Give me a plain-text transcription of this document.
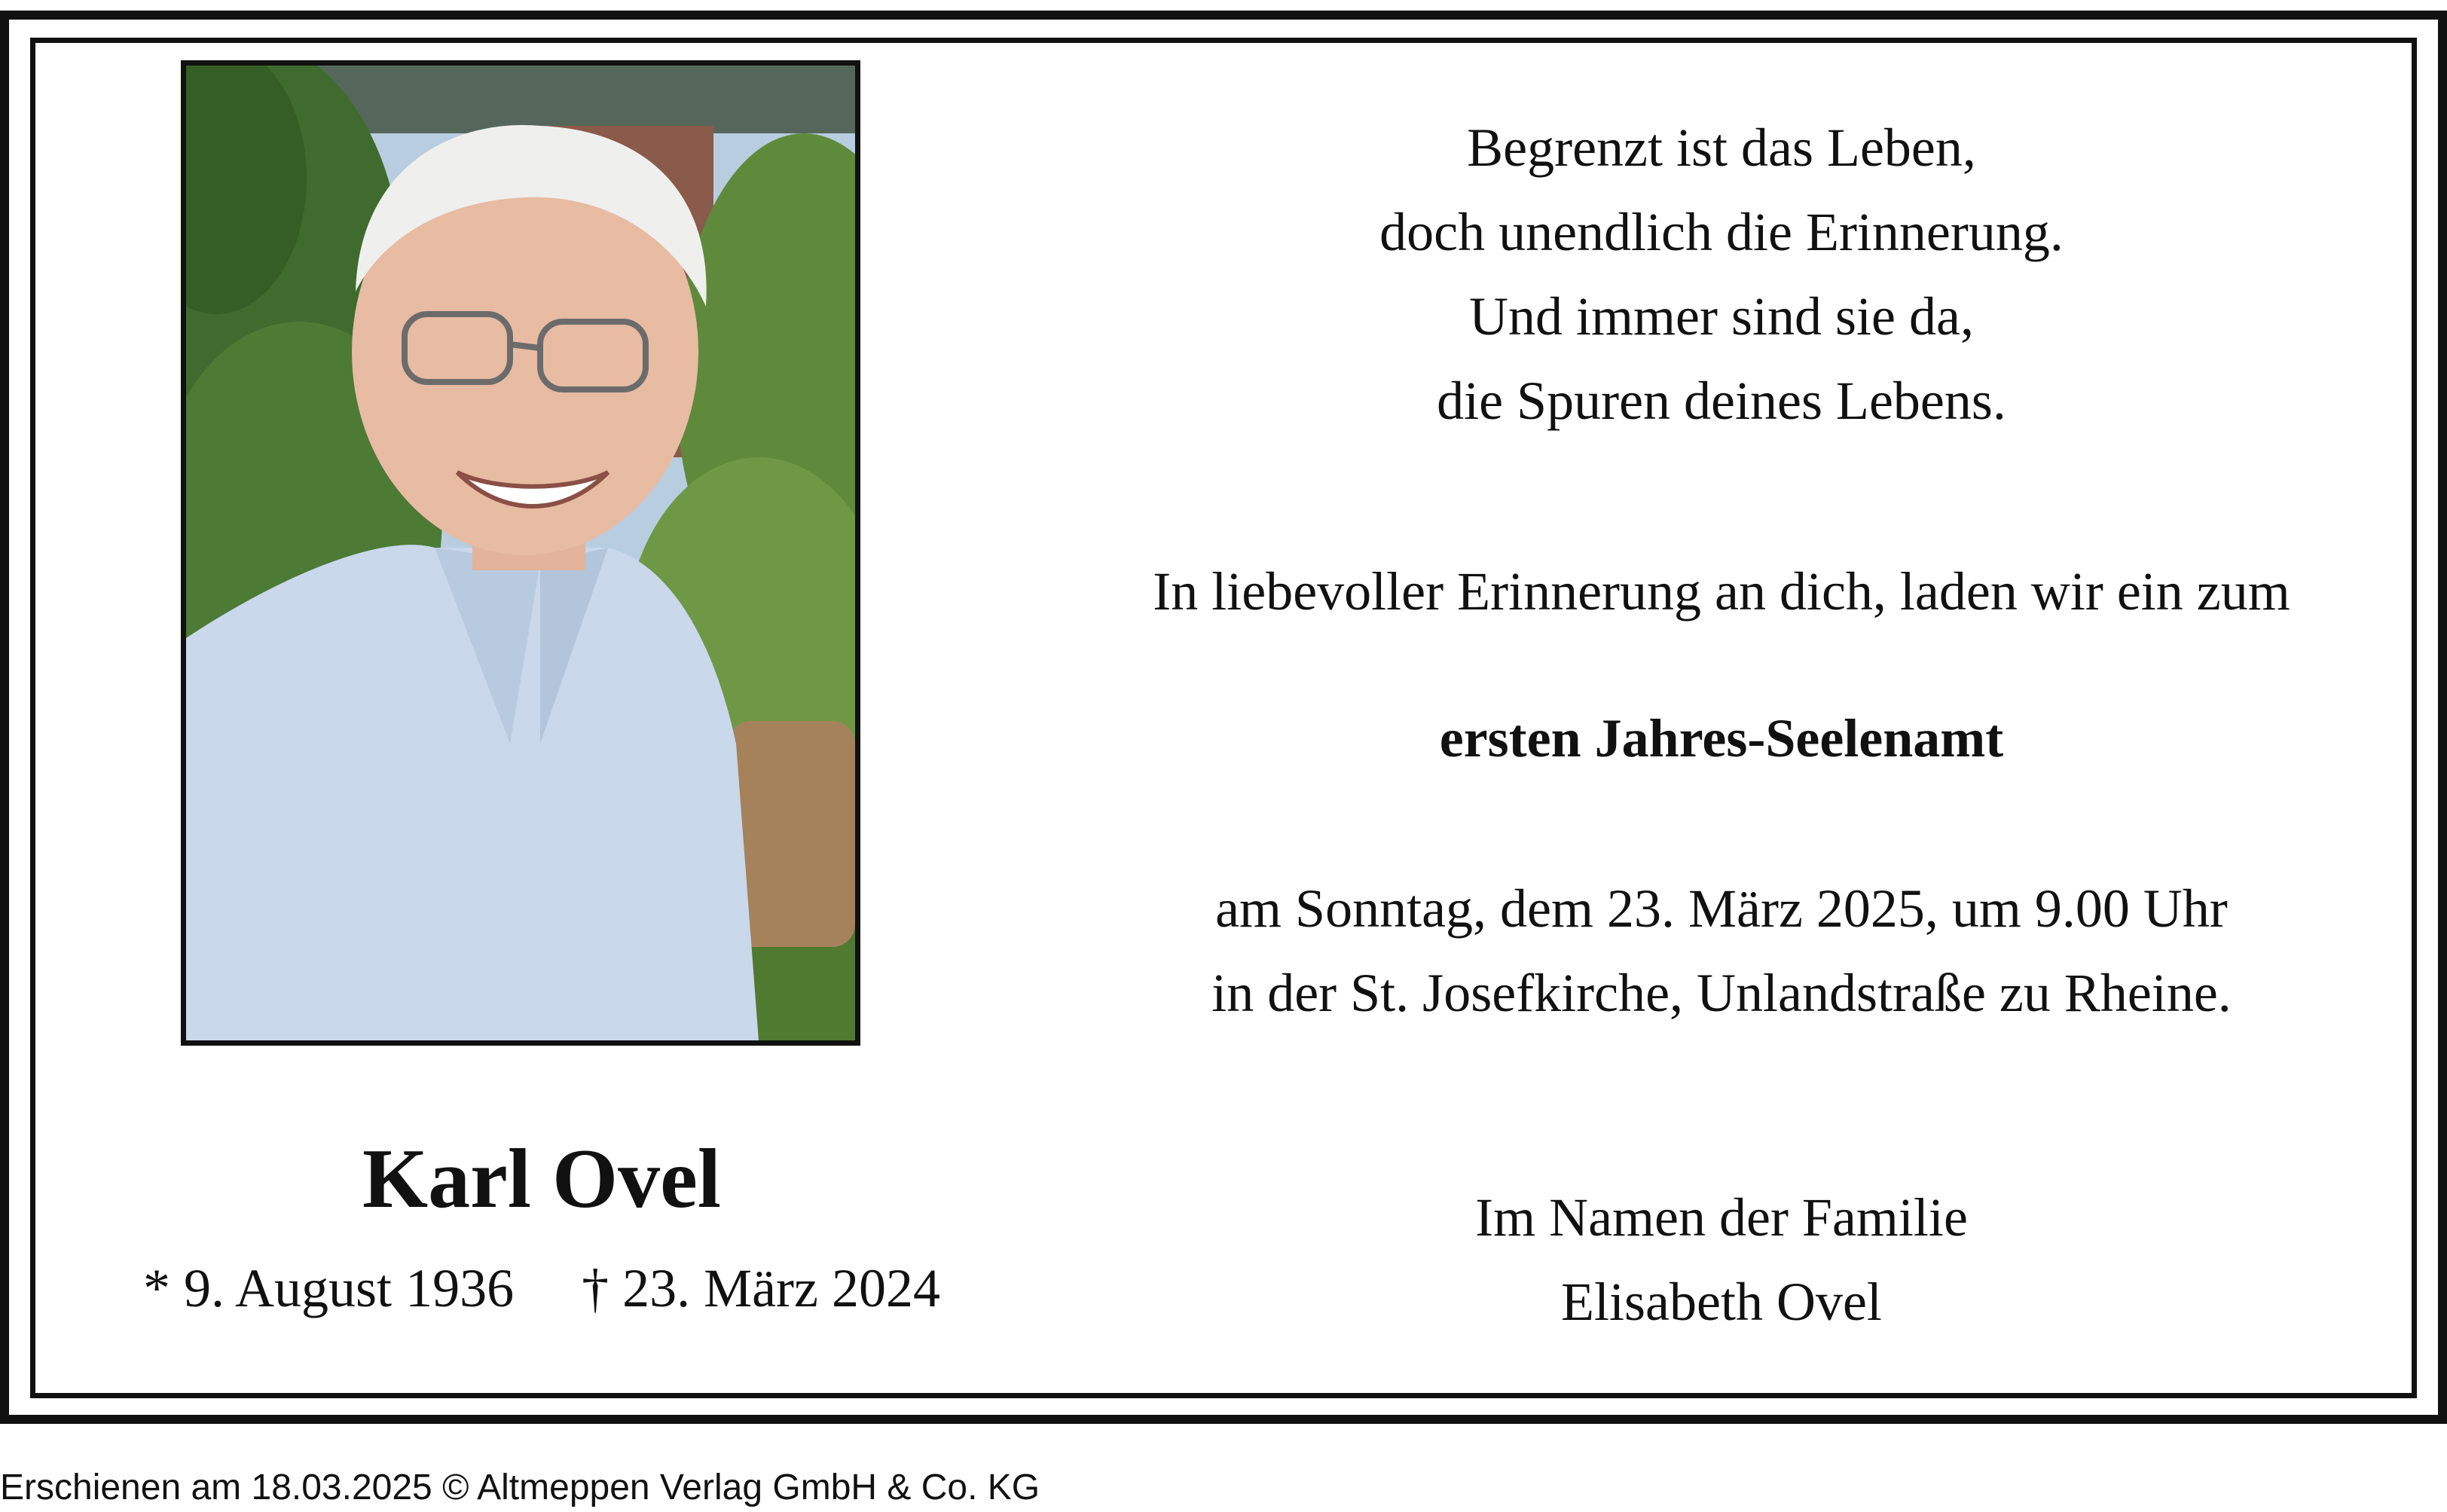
Karl Ovel
* 9. August 1936 † 23. März 2024
Begrenzt ist das Leben,
doch unendlich die Erinnerung.
Und immer sind sie da,
die Spuren deines Lebens.
In liebevoller Erinnerung an dich, laden wir ein zum
ersten Jahres-Seelenamt
am Sonntag, dem 23. März 2025, um 9.00 Uhr
in der St. Josefkirche, Unlandstraße zu Rheine.
Im Namen der Familie
Elisabeth Ovel
Erschienen am 18.03.2025 © Altmeppen Verlag GmbH & Co. KG
